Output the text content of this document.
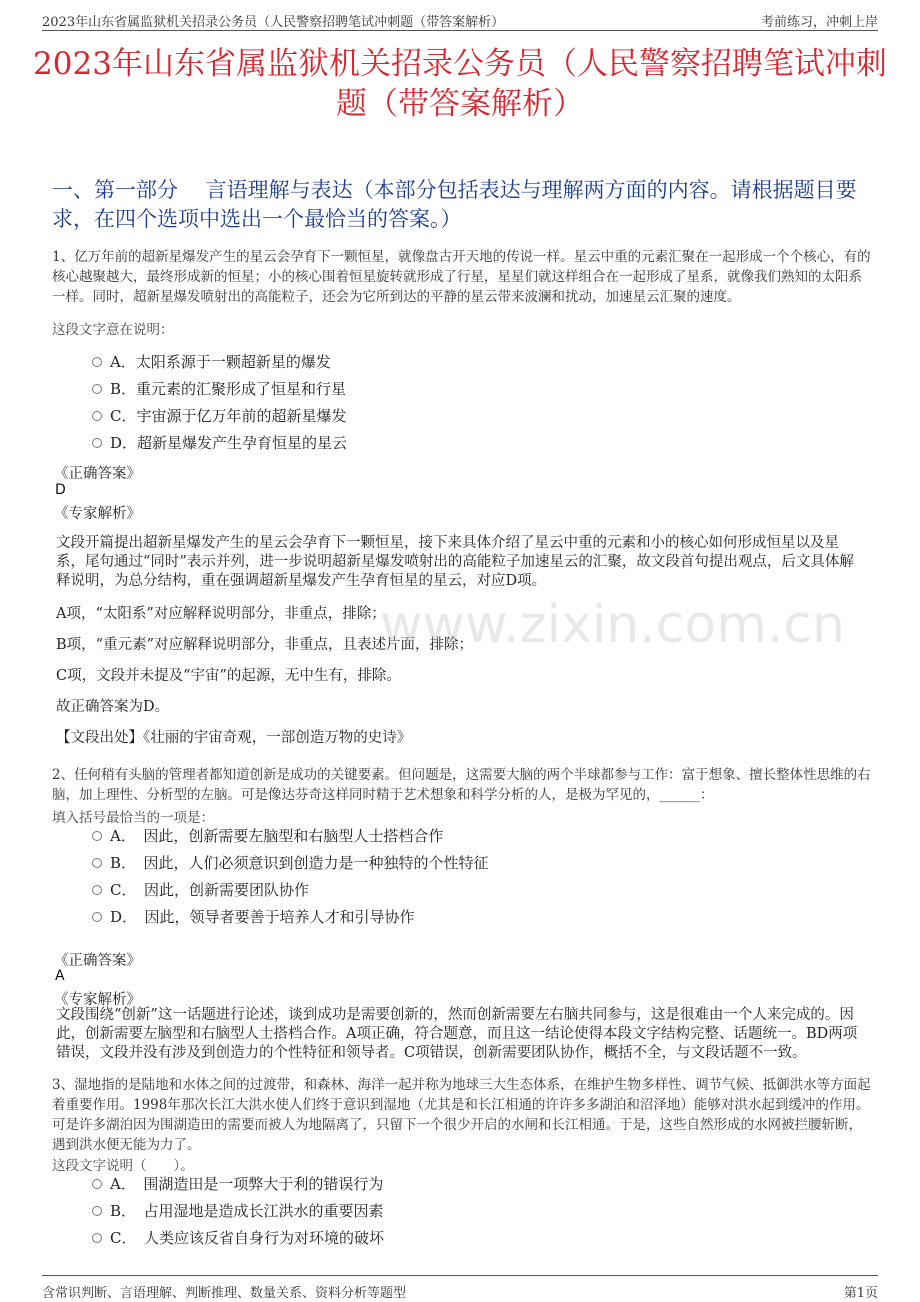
2023年山东省属监狱机关招录公务员（人民警察招聘笔试冲刺题（带答案解析）	考前练习，冲刺上岸
2023年山东省属监狱机关招录公务员（人民警察招聘笔试冲刺题（带答案解析）
一、第一部分　 言语理解与表达（本部分包括表达与理解两方面的内容。请根据题目要求，在四个选项中选出一个最恰当的答案。）

1、亿万年前的超新星爆发产生的星云会孕育下一颗恒星，就像盘古开天地的传说一样。星云中重的元素汇聚在一起形成一个个核心，有的核心越聚越大，最终形成新的恒星；小的核心围着恒星旋转就形成了行星，星星们就这样组合在一起形成了星系，就像我们熟知的太阳系一样。同时，超新星爆发喷射出的高能粒子，还会为它所到达的平静的星云带来波澜和扰动，加速星云汇聚的速度。

这段文字意在说明：
A．太阳系源于一颗超新星的爆发
B．重元素的汇聚形成了恒星和行星
C．宇宙源于亿万年前的超新星爆发
D．超新星爆发产生孕育恒星的星云
《正确答案》
D
《专家解析》

文段开篇提出超新星爆发产生的星云会孕育下一颗恒星，接下来具体介绍了星云中重的元素和小的核心如何形成恒星以及星系，尾句通过“同时”表示并列，进一步说明超新星爆发喷射出的高能粒子加速星云的汇聚，故文段首句提出观点，后文具体解释说明，为总分结构，重在强调超新星爆发产生孕育恒星的星云，对应D项。

A项，“太阳系”对应解释说明部分，非重点，排除；

B项，“重元素”对应解释说明部分，非重点，且表述片面，排除；

C项，文段并未提及“宇宙”的起源，无中生有，排除。

故正确答案为D。

【文段出处】《壮丽的宇宙奇观，一部创造万物的史诗》

2、任何稍有头脑的管理者都知道创新是成功的关键要素。但问题是，这需要大脑的两个半球都参与工作：富于想象、擅长整体性思维的右脑，加上理性、分析型的左脑。可是像达芬奇这样同时精于艺术想象和科学分析的人，是极为罕见的，______：

填入括号最恰当的一项是：
A．　因此，创新需要左脑型和右脑型人士搭档合作
B．　因此，人们必须意识到创造力是一种独特的个性特征
C．　因此，创新需要团队协作
D．　因此，领导者要善于培养人才和引导协作
《正确答案》
A
《专家解析》
文段围绕“创新”这一话题进行论述，谈到成功是需要创新的，然而创新需要左右脑共同参与，这是很难由一个人来完成的。因此，创新需要左脑型和右脑型人士搭档合作。A项正确，符合题意，而且这一结论使得本段文字结构完整、话题统一。BD两项错误，文段并没有涉及到创造力的个性特征和领导者。C项错误，创新需要团队协作，概括不全，与文段话题不一致。

3、湿地指的是陆地和水体之间的过渡带，和森林、海洋一起并称为地球三大生态体系，在维护生物多样性、调节气候、抵御洪水等方面起着重要作用。1998年那次长江大洪水使人们终于意识到湿地（尤其是和长江相通的许许多多湖泊和沼泽地）能够对洪水起到缓冲的作用。可是许多湖泊因为围湖造田的需要而被人为地隔离了，只留下一个很少开启的水闸和长江相通。于是，这些自然形成的水网被拦腰斩断，遇到洪水便无能为力了。

这段文字说明（　　）。
A．　围湖造田是一项弊大于利的错误行为
B．　占用湿地是造成长江洪水的重要因素
C．　人类应该反省自身行为对环境的破坏
www.zixin.com.cn
含常识判断、言语理解、判断推理、数量关系、资料分析等题型	第1页
